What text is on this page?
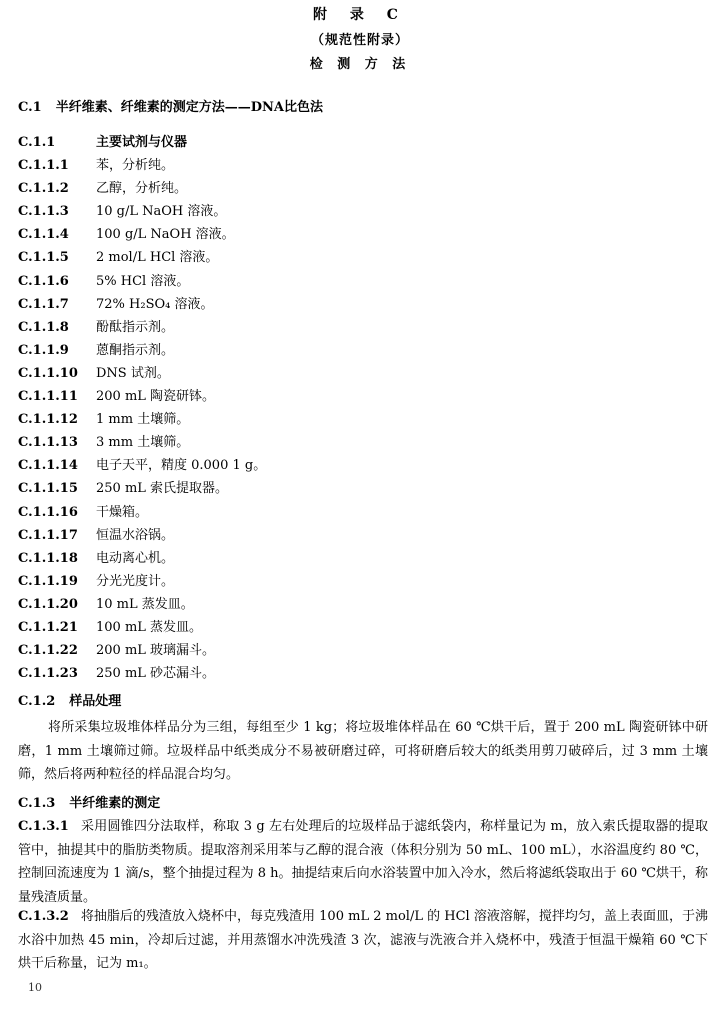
附 录 C
（规范性附录）
检 测 方 法
C.1 半纤维素、纤维素的测定方法——DNA比色法
C.1.1	主要试剂与仪器
C.1.1.1 苯，分析纯。
C.1.1.2 乙醇，分析纯。
C.1.1.3 10 g/L NaOH 溶液。
C.1.1.4 100 g/L NaOH 溶液。
C.1.1.5 2 mol/L HCl 溶液。
C.1.1.6 5% HCl 溶液。
C.1.1.7 72% H₂SO₄ 溶液。
C.1.1.8 酚酞指示剂。
C.1.1.9 蒽酮指示剂。
C.1.1.10 DNS 试剂。
C.1.1.11 200 mL 陶瓷研钵。
C.1.1.12 1 mm 土壤筛。
C.1.1.13 3 mm 土壤筛。
C.1.1.14 电子天平，精度 0.000 1 g。
C.1.1.15 250 mL 索氏提取器。
C.1.1.16 干燥箱。
C.1.1.17 恒温水浴锅。
C.1.1.18 电动离心机。
C.1.1.19 分光光度计。
C.1.1.20 10 mL 蒸发皿。
C.1.1.21 100 mL 蒸发皿。
C.1.1.22 200 mL 玻璃漏斗。
C.1.1.23 250 mL 砂芯漏斗。
C.1.2 样品处理
将所采集垃圾堆体样品分为三组，每组至少 1 kg；将垃圾堆体样品在 60 ℃烘干后，置于 200 mL 陶瓷研钵中研磨，1 mm 土壤筛过筛。垃圾样品中纸类成分不易被研磨过碎，可将研磨后较大的纸类用剪刀破碎后，过 3 mm 土壤筛，然后将两种粒径的样品混合均匀。
C.1.3 半纤维素的测定
C.1.3.1 采用圆锥四分法取样，称取 3 g 左右处理后的垃圾样品于滤纸袋内，称样量记为 m，放入索氏提取器的提取管中，抽提其中的脂肪类物质。提取溶剂采用苯与乙醇的混合液（体积分别为 50 mL、100 mL），水浴温度约 80 ℃，控制回流速度为 1 滴/s，整个抽提过程为 8 h。抽提结束后向水浴装置中加入冷水，然后将滤纸袋取出于 60 ℃烘干，称量残渣质量。
C.1.3.2 将抽脂后的残渣放入烧杯中，每克残渣用 100 mL 2 mol/L 的 HCl 溶液溶解，搅拌均匀，盖上表面皿，于沸水浴中加热 45 min，冷却后过滤，并用蒸馏水冲洗残渣 3 次，滤液与洗液合并入烧杯中，残渣于恒温干燥箱 60 ℃下烘干后称量，记为 m₁。
10
